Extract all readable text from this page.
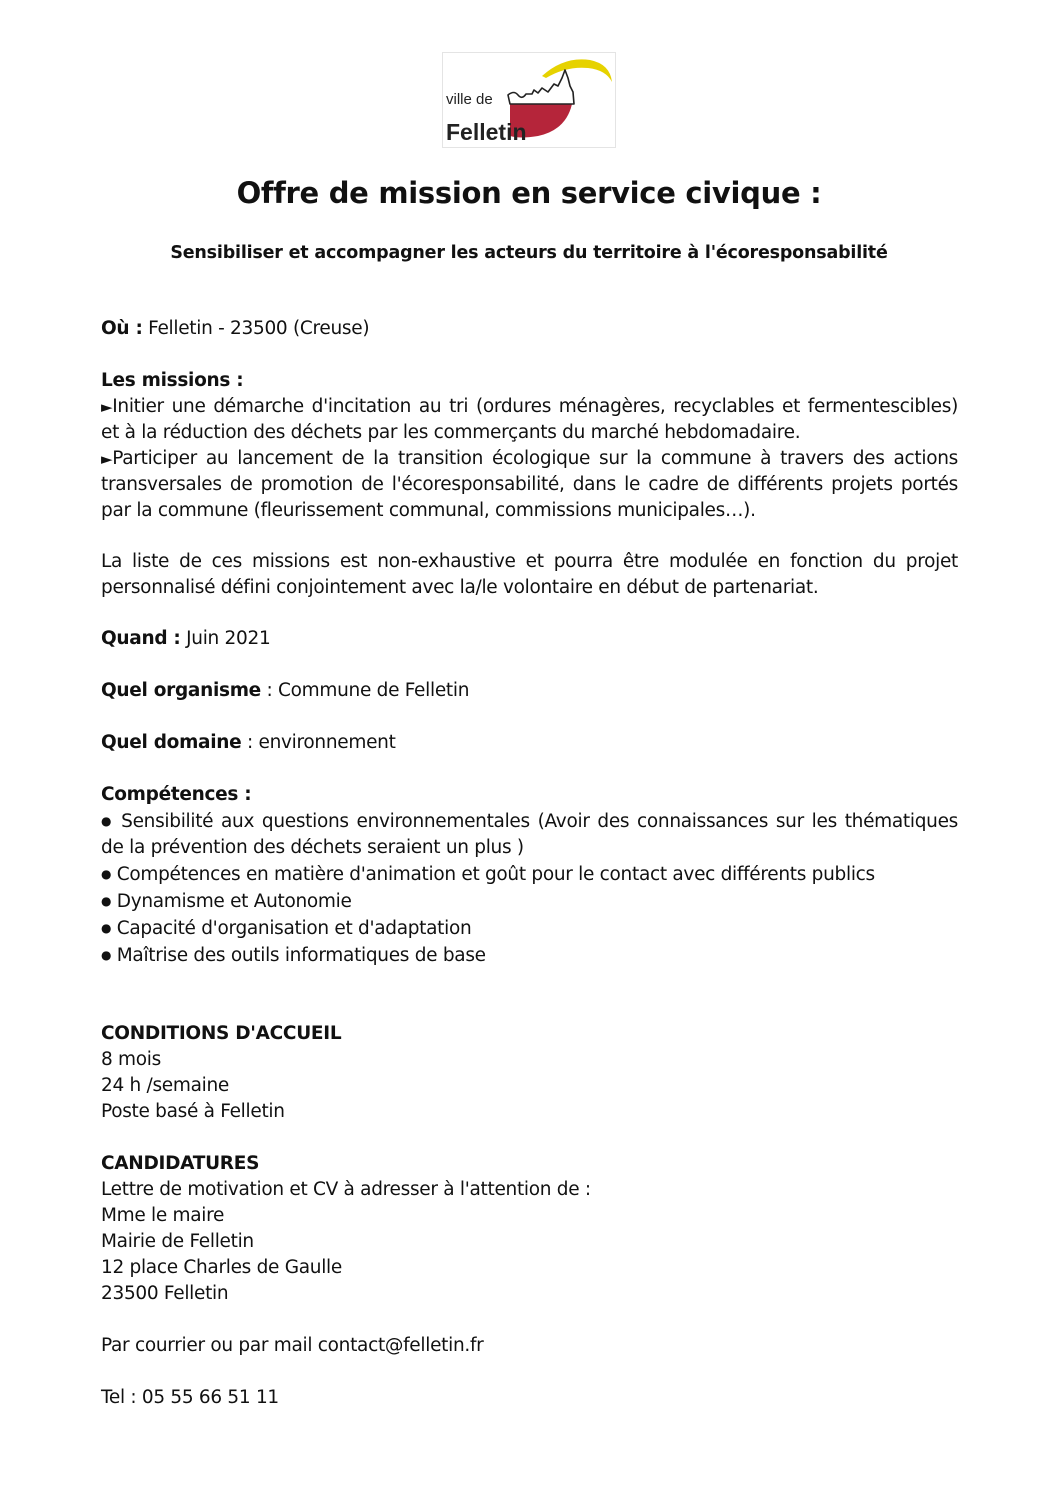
ville de
Felletin
Offre de mission en service civique :
Sensibiliser et accompagner les acteurs du territoire à l'écoresponsabilité

Où : Felletin - 23500 (Creuse)

Les missions :

►Initier une démarche d'incitation au tri (ordures ménagères, recyclables et fermentescibles) et à la réduction des déchets par les commerçants du marché hebdomadaire.

►Participer au lancement de la transition écologique sur la commune à travers des actions transversales de promotion de l'écoresponsabilité, dans le cadre de différents projets portés par la commune (fleurissement communal, commissions municipales…).

La liste de ces missions est non-exhaustive et pourra être modulée en fonction du projet personnalisé défini conjointement avec la/le volontaire en début de partenariat.

Quand : Juin 2021

Quel organisme : Commune de Felletin

Quel domaine : environnement

Compétences :

● Sensibilité aux questions environnementales (Avoir des connaissances sur les thématiques de la prévention des déchets seraient un plus )

● Compétences en matière d'animation et goût pour le contact avec différents publics

● Dynamisme et Autonomie

● Capacité d'organisation et d'adaptation

● Maîtrise des outils informatiques de base

CONDITIONS D'ACCUEIL

8 mois

24 h /semaine

Poste basé à Felletin

CANDIDATURES

Lettre de motivation et CV à adresser à l'attention de :

Mme le maire

Mairie de Felletin

12 place Charles de Gaulle

23500 Felletin

Par courrier ou par mail contact@felletin.fr

Tel : 05 55 66 51 11
